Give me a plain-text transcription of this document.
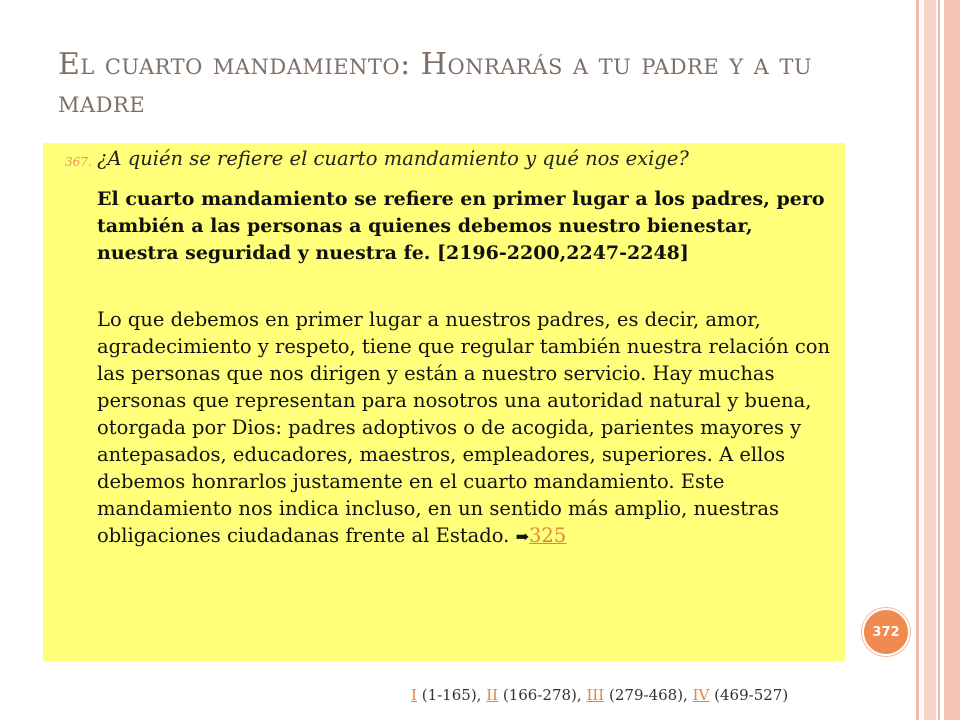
El cuarto mandamiento: Honrarás a tu padre y a tu madre
367. ¿A quién se refiere el cuarto mandamiento y qué nos exige?
El cuarto mandamiento se refiere en primer lugar a los padres, pero también a las personas a quienes debemos nuestro bienestar, nuestra seguridad y nuestra fe. [2196-2200,2247-2248]
Lo que debemos en primer lugar a nuestros padres, es decir, amor, agradecimiento y respeto, tiene que regular también nuestra relación con las personas que nos dirigen y están a nuestro servicio. Hay muchas personas que representan para nosotros una autoridad natural y buena, otorgada por Dios: padres adoptivos o de acogida, parientes mayores y antepasados, educadores, maestros, empleadores, superiores. A ellos debemos honrarlos justamente en el cuarto mandamiento. Este mandamiento nos indica incluso, en un sentido más amplio, nuestras obligaciones ciudadanas frente al Estado. ➡325
372
I (1-165), II (166-278), III (279-468), IV (469-527)
